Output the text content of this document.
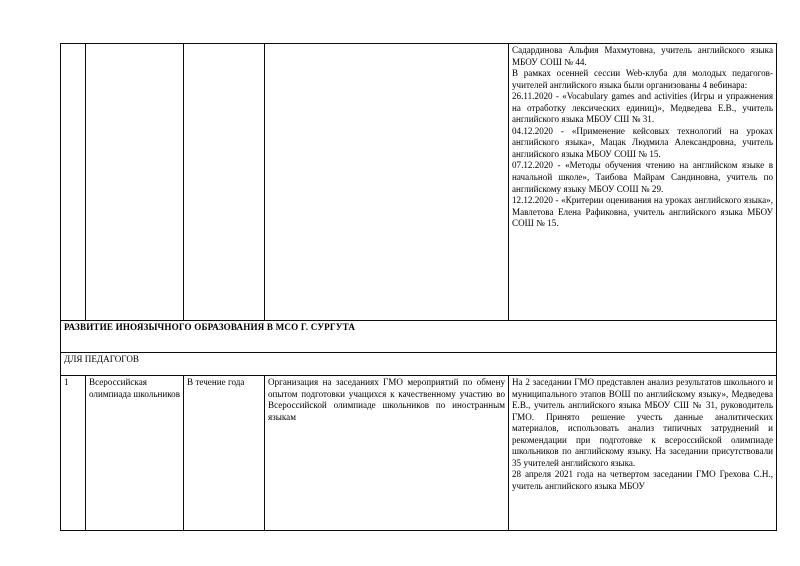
Садардинова Альфия Махмутовна, учитель английского языка МБОУ СОШ № 44.

В рамках осенней сессии Web-клуба для молодых педагогов-учителей английского языка были организованы 4 вебинара:

26.11.2020 - «Vocabulary games and activities (Игры и упражнения на отработку лексических единиц)», Медведева Е.В., учитель английского языка МБОУ СШ № 31.

04.12.2020 - «Применение кейсовых технологий на уроках английского языка», Мацак Людмила Александровна, учитель английского языка МБОУ СОШ № 15.

07.12.2020 - «Методы обучения чтению на английском языке в начальной школе», Таибова Майрам Сандиновна, учитель по английскому языку МБОУ СОШ № 29.

12.12.2020 - «Критерии оценивания на уроках английского языка», Мавлетова Елена Рафиковна, учитель английского языка МБОУ СОШ № 15.

РАЗВИТИЕ ИНОЯЗЫЧНОГО ОБРАЗОВАНИЯ В МСО Г. СУРГУТА				
ДЛЯ ПЕДАГОГОВ				
1	Всероссийская олимпиада школьников	В течение года	Организация на заседаниях ГМО мероприятий по обмену опытом подготовки учащихся к качественному участию во Всероссийской олимпиаде школьников по иностранным языкам	На 2 заседании ГМО представлен анализ результатов школьного и муниципального этапов ВОШ по английскому языку», Медведева Е.В., учитель английского языка МБОУ СШ № 31, руководитель ГМО. Принято решение учесть данные аналитических материалов, использовать анализ типичных затруднений и рекомендации при подготовке к всероссийской олимпиаде школьников по английскому языку. На заседании присутствовали 35 учителей английского языка.

28 апреля 2021 года на четвертом заседании ГМО Грехова С.Н., учитель английского языка МБОУ
